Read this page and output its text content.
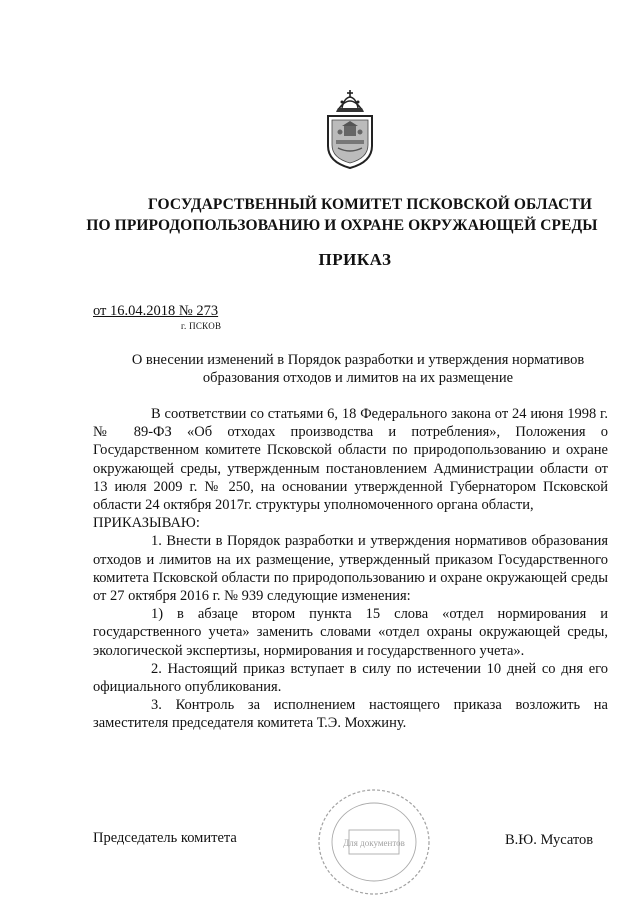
ГОСУДАРСТВЕННЫЙ КОМИТЕТ ПСКОВСКОЙ ОБЛАСТИ
ПО ПРИРОДОПОЛЬЗОВАНИЮ И ОХРАНЕ ОКРУЖАЮЩЕЙ СРЕДЫ
ПРИКАЗ
от 16.04.2018 № 273
г. ПСКОВ
О внесении изменений в Порядок разработки и утверждения нормативов
образования отходов и лимитов на их размещение

В соответствии со статьями 6, 18 Федерального закона от 24 июня 1998 г. № 89-ФЗ «Об отходах производства и потребления», Положения о Государственном комитете Псковской области по природопользованию и охране окружающей среды, утвержденным постановлением Администрации области от 13 июля 2009 г. № 250, на основании утвержденной Губернатором Псковской области 24 октября 2017г. структуры уполномоченного органа области,

ПРИКАЗЫВАЮ:

1. Внести в Порядок разработки и утверждения нормативов образования отходов и лимитов на их размещение, утвержденный приказом Государственного комитета Псковской области по природопользованию и охране окружающей среды от 27 октября 2016 г. № 939 следующие изменения:

1) в абзаце втором пункта 15 слова «отдел нормирования и государственного учета» заменить словами «отдел охраны окружающей среды, экологической экспертизы, нормирования и государственного учета».

2. Настоящий приказ вступает в силу по истечении 10 дней со дня его официального опубликования.

3. Контроль за исполнением настоящего приказа возложить на заместителя председателя комитета Т.Э. Мохжину.

Для документов
Председатель комитета	В.Ю. Мусатов
